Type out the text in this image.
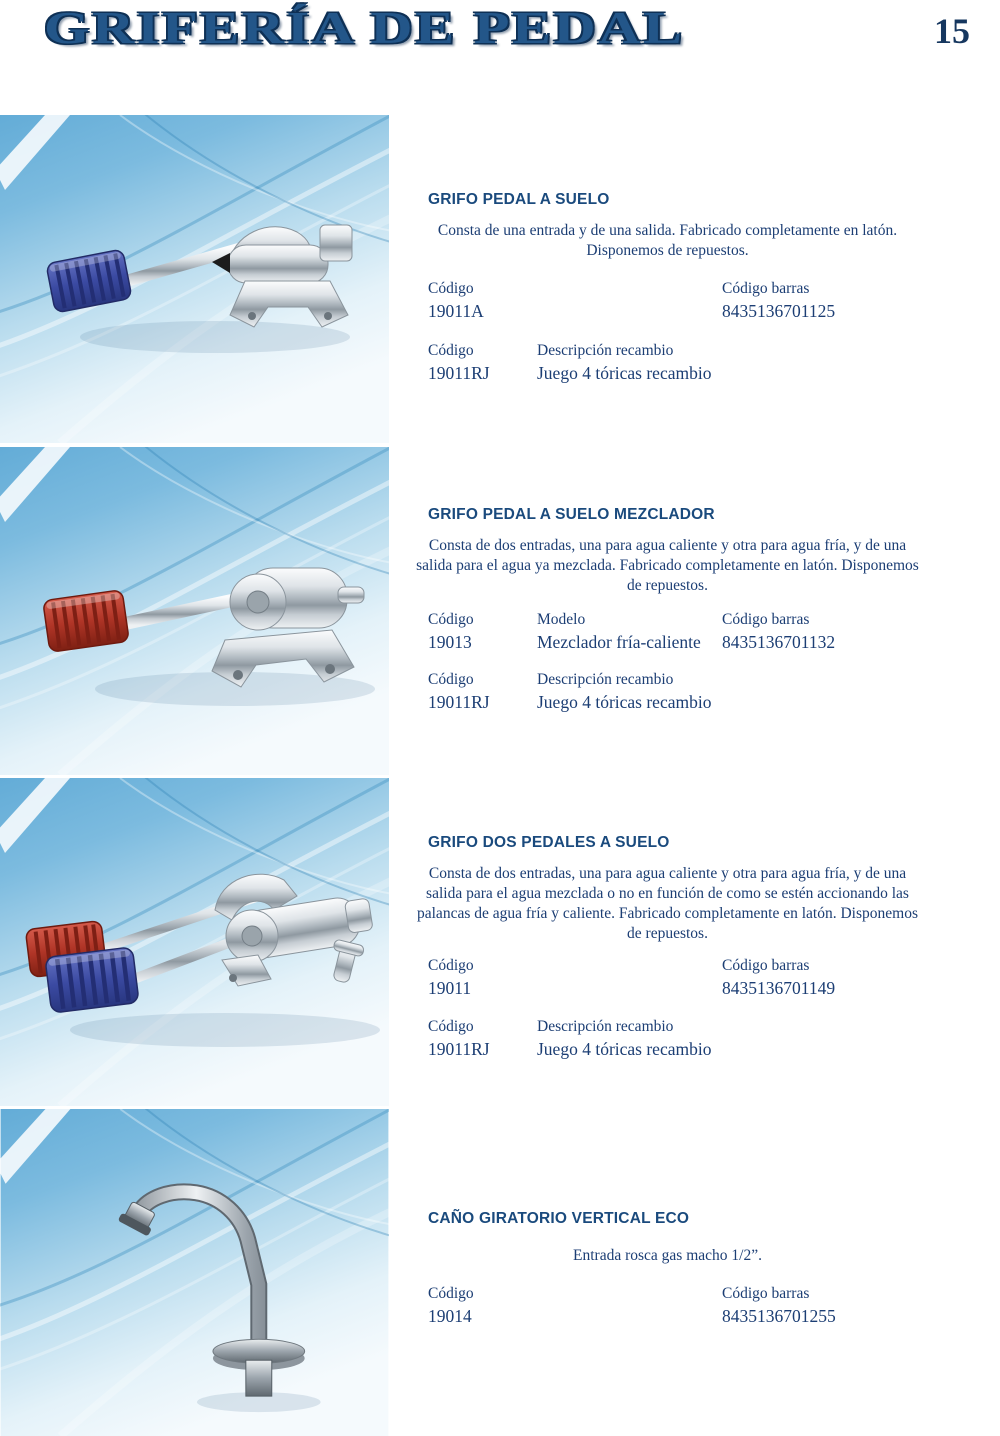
GRIFERÍA DE PEDAL	15
GRIFO PEDAL A SUELO
Consta de una entrada y de una salida. Fabricado completamente en latón. Disponemos de repuestos.
Código	Código barras
19011A	8435136701125
Código	Descripción recambio
19011RJ	Juego 4 tóricas recambio
GRIFO PEDAL A SUELO MEZCLADOR
Consta de dos entradas, una para agua caliente y otra para agua fría, y de una salida para el agua ya mezclada. Fabricado completamente en latón. Disponemos de repuestos.
Código	Modelo	Código barras
19013	Mezclador fría-caliente	8435136701132
Código	Descripción recambio
19011RJ	Juego 4 tóricas recambio
GRIFO DOS PEDALES A SUELO
Consta de dos entradas, una para agua caliente y otra para agua fría, y de una salida para el agua mezclada o no en función de como se estén accionando las palancas de agua fría y caliente. Fabricado completamente en latón. Disponemos de repuestos.
Código	Código barras
19011	8435136701149
Código	Descripción recambio
19011RJ	Juego 4 tóricas recambio
CAÑO GIRATORIO VERTICAL ECO
Entrada rosca gas macho 1/2”.
Código	Código barras
19014	8435136701255
